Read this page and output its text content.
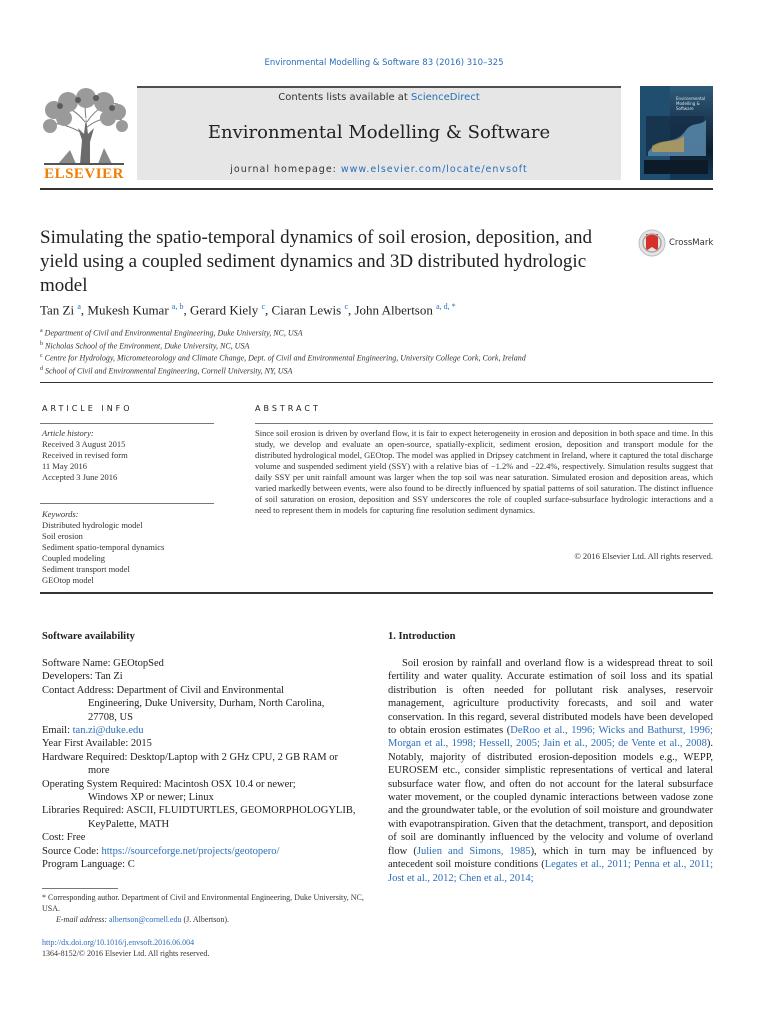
Environmental Modelling & Software 83 (2016) 310–325
ELSEVIER
Contents lists available at ScienceDirect
Environmental Modelling & Software
journal homepage: www.elsevier.com/locate/envsoft
Environmental Modelling & Software
Simulating the spatio-temporal dynamics of soil erosion, deposition, and yield using a coupled sediment dynamics and 3D distributed hydrologic model
CrossMark
Tan Zi $^a$, Mukesh Kumar $^{a, b}$, Gerard Kiely $^c$, Ciaran Lewis $^c$, John Albertson $^{a, d, *}$
$^a$ Department of Civil and Environmental Engineering, Duke University, NC, USA
$^b$ Nicholas School of the Environment, Duke University, NC, USA
$^c$ Centre for Hydrology, Micrometeorology and Climate Change, Dept. of Civil and Environmental Engineering, University College Cork, Cork, Ireland
$^d$ School of Civil and Environmental Engineering, Cornell University, NY, USA
ARTICLE INFO	ABSTRACT
Article history:
Received 3 August 2015
Received in revised form
11 May 2016
Accepted 3 June 2016
Keywords:
Distributed hydrologic model
Soil erosion
Sediment spatio-temporal dynamics
Coupled modeling
Sediment transport model
GEOtop model
Since soil erosion is driven by overland flow, it is fair to expect heterogeneity in erosion and deposition in both space and time. In this study, we develop and evaluate an open-source, spatially-explicit, sediment erosion, deposition and transport module for the distributed hydrological model, GEOtop. The model was applied in Dripsey catchment in Ireland, where it captured the total discharge volume and suspended sediment yield (SSY) with a relative bias of −1.2% and −22.4%, respectively. Simulation results suggest that daily SSY per unit rainfall amount was larger when the top soil was near saturation. Simulated erosion and deposition areas, which varied markedly between events, were also found to be directly influenced by spatial patterns of soil saturation. The distinct influence of soil saturation on erosion, deposition and SSY underscores the role of coupled surface-subsurface hydrologic interactions and a need to represent them in models for capturing fine resolution sediment dynamics.
© 2016 Elsevier Ltd. All rights reserved.
Software availability
Software Name: GEOtopSed
Developers: Tan Zi
Contact Address: Department of Civil and Environmental
Engineering, Duke University, Durham, North Carolina,
27708, US
Email: tan.zi@duke.edu
Year First Available: 2015
Hardware Required: Desktop/Laptop with 2 GHz CPU, 2 GB RAM or
more
Operating System Required: Macintosh OSX 10.4 or newer;
Windows XP or newer; Linux
Libraries Required: ASCII, FLUIDTURTLES, GEOMORPHOLOGYLIB,
KeyPalette, MATH
Cost: Free
Source Code: https://sourceforge.net/projects/geotopero/
Program Language: C
1. Introduction
Soil erosion by rainfall and overland flow is a widespread threat to soil fertility and water quality. Accurate estimation of soil loss and its spatial distribution is often needed for pollutant risk analyses, reservoir management, agriculture productivity forecasts, and soil and water conservation. In this regard, several distributed models have been developed to obtain erosion estimates (DeRoo et al., 1996; Wicks and Bathurst, 1996; Morgan et al., 1998; Hessell, 2005; Jain et al., 2005; de Vente et al., 2008). Notably, majority of distributed erosion-deposition models e.g., WEPP, EUROSEM etc., consider simplistic representations of vertical and lateral subsurface water flow, and often do not account for the lateral subsurface water movement, or the coupled dynamic interactions between vadose zone and the groundwater table, or the evolution of soil moisture and groundwater with evapotranspiration. Given that the detachment, transport, and deposition of soil are dominantly influenced by the velocity and volume of overland flow (Julien and Simons, 1985), which in turn may be influenced by antecedent soil moisture conditions (Legates et al., 2011; Penna et al., 2011; Jost et al., 2012; Chen et al., 2014;
* Corresponding author. Department of Civil and Environmental Engineering, Duke University, NC, USA.
E-mail address: albertson@cornell.edu (J. Albertson).
http://dx.doi.org/10.1016/j.envsoft.2016.06.004
1364-8152/© 2016 Elsevier Ltd. All rights reserved.
